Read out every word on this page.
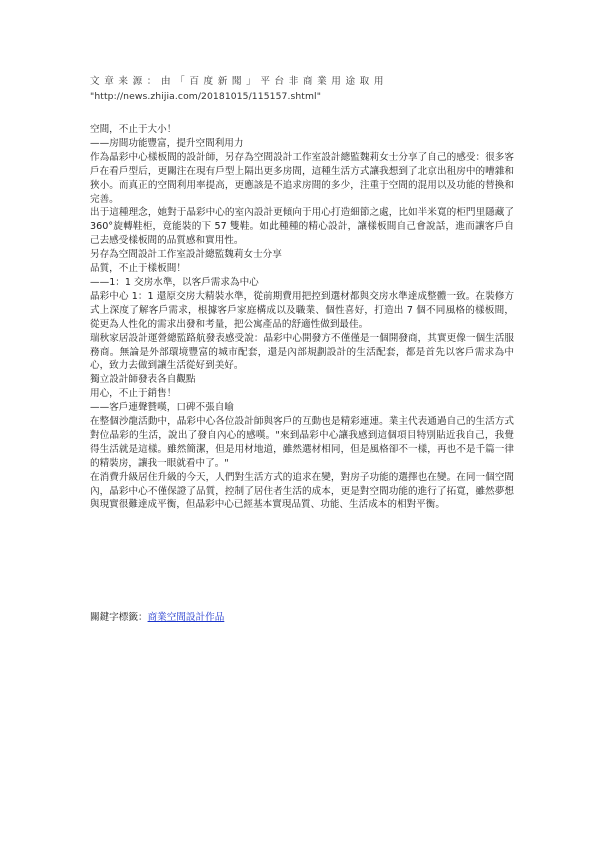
文章来源：由「百度新聞」平台非商業用途取用
"http://news.zhijia.com/20181015/115157.shtml"

空間，不止于大小！

——房間功能豐富，提升空間利用力

作為晶彩中心樣板間的設計師，另存為空間設計工作室設計總監魏莉女士分享了自己的感受：很多客戶在看戶型后，更關注在現有戶型上隔出更多房間，這種生活方式讓我想到了北京出租房中的嘈雜和狹小。而真正的空間利用率提高，更應該是不追求房間的多少，注重于空間的混用以及功能的替換和完善。

出于這種理念，她對于晶彩中心的室內設計更傾向于用心打造細節之處，比如半米寬的柜門里隱藏了 360°旋轉鞋柜，竟能裝的下 57 雙鞋。如此種種的精心設計，讓樣板間自己會說話，進而讓客戶自己去感受樣板間的品質感和實用性。

另存為空間設計工作室設計總監魏莉女士分享

品質，不止于樣板間！

——1：1 交房水準，以客戶需求為中心

晶彩中心 1：1 還原交房大精裝水準，從前期費用把控到選材都與交房水準達成整體一致。在裝修方式上深度了解客戶需求，根據客戶家庭構成以及職業、個性喜好，打造出 7 個不同風格的樣板間，從更為人性化的需求出發和考量，把公寓產品的舒適性做到最佳。

瑞秋家居設計運營總監路航發表感受說：晶彩中心開發方不僅僅是一個開發商，其實更像一個生活服務商。無論是外部環境豐富的城市配套，還是內部規劃設計的生活配套，都是首先以客戶需求為中心，致力去做到讓生活從好到美好。

獨立設計師發表各自觀點

用心，不止于銷售！

——客戶連聲贊嘆，口碑不張自喻

在整個沙龍活動中，晶彩中心各位設計師與客戶的互動也是精彩連連。業主代表通過自己的生活方式對位晶彩的生活，說出了發自內心的感嘆。"來到晶彩中心讓我感到這個項目特別貼近我自己，我覺得生活就是這樣。雖然簡潔，但是用材地道，雖然選材相同，但是風格卻不一樣，再也不是千篇一律的精裝房，讓我一眼就看中了。"

在消費升級居住升級的今天，人們對生活方式的追求在變，對房子功能的選擇也在變。在同一個空間內，晶彩中心不僅保證了品質，控制了居住者生活的成本，更是對空間功能的進行了拓寬，雖然夢想與現實很難達成平衡，但晶彩中心已經基本實現品質、功能、生活成本的相對平衡。

關鍵字標籤：商業空間設計作品
